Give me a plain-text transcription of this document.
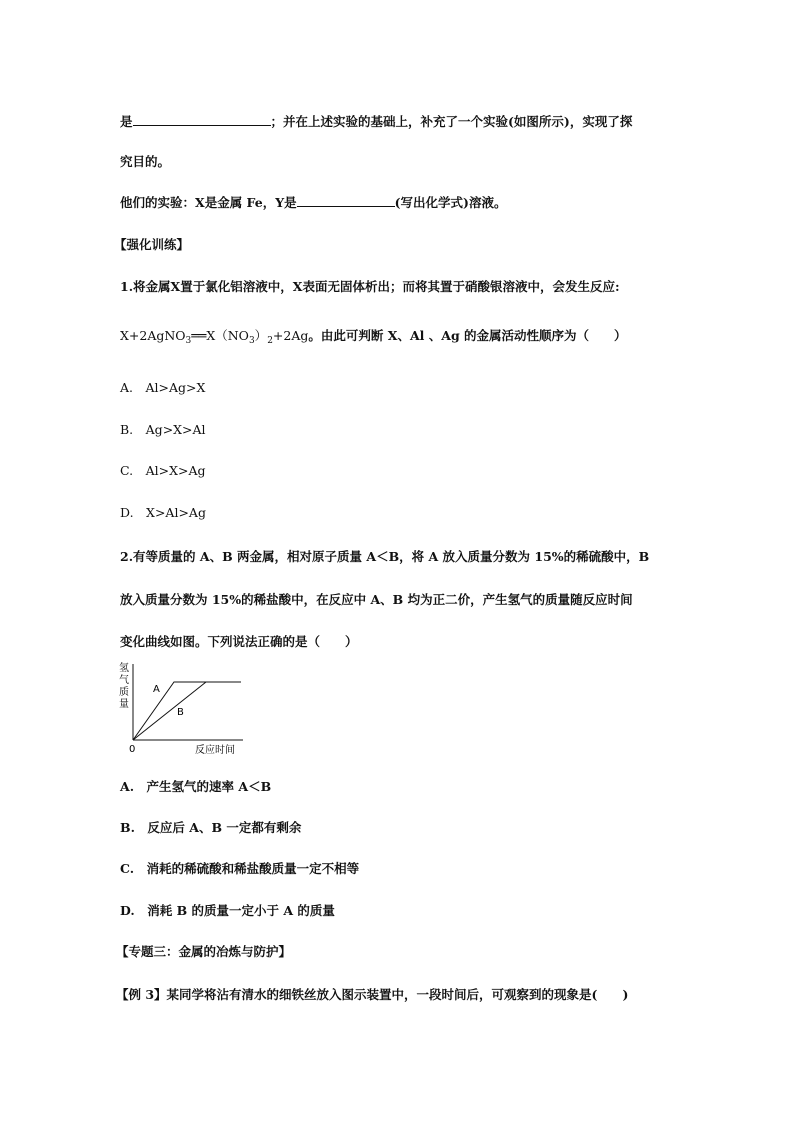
是	；并在上述实验的基础上，补充了一个实验(如图所示)，实现了探
究目的。
他们的实验：X是金属 Fe，Y是	(写出化学式)溶液。
【强化训练】
1.将金属X置于氯化铝溶液中，X表面无固体析出；而将其置于硝酸银溶液中，会发生反应:
$X+2AgNO_3══X(NO_3)_2+2Ag$。由此可判断 X、Al 、Ag 的金属活动性顺序为（　　）
A.　Al>Ag>X
B.　Ag>X>Al
C.　Al>X>Ag
D.　X>Al>Ag
2.有等质量的 A、B 两金属，相对原子质量 A＜B，将 A 放入质量分数为 15%的稀硫酸中，B
放入质量分数为 15%的稀盐酸中，在反应中 A、B 均为正二价，产生氢气的质量随反应时间
变化曲线如图。下列说法正确的是（　　）
氢
气
质
量
A
B
0	反应时间
A.　产生氢气的速率 A＜B
B.　反应后 A、B 一定都有剩余
C.　消耗的稀硫酸和稀盐酸质量一定不相等
D.　消耗 B 的质量一定小于 A 的质量
【专题三：金属的冶炼与防护】
【例 3】某同学将沾有清水的细铁丝放入图示装置中，一段时间后，可观察到的现象是(　　)
